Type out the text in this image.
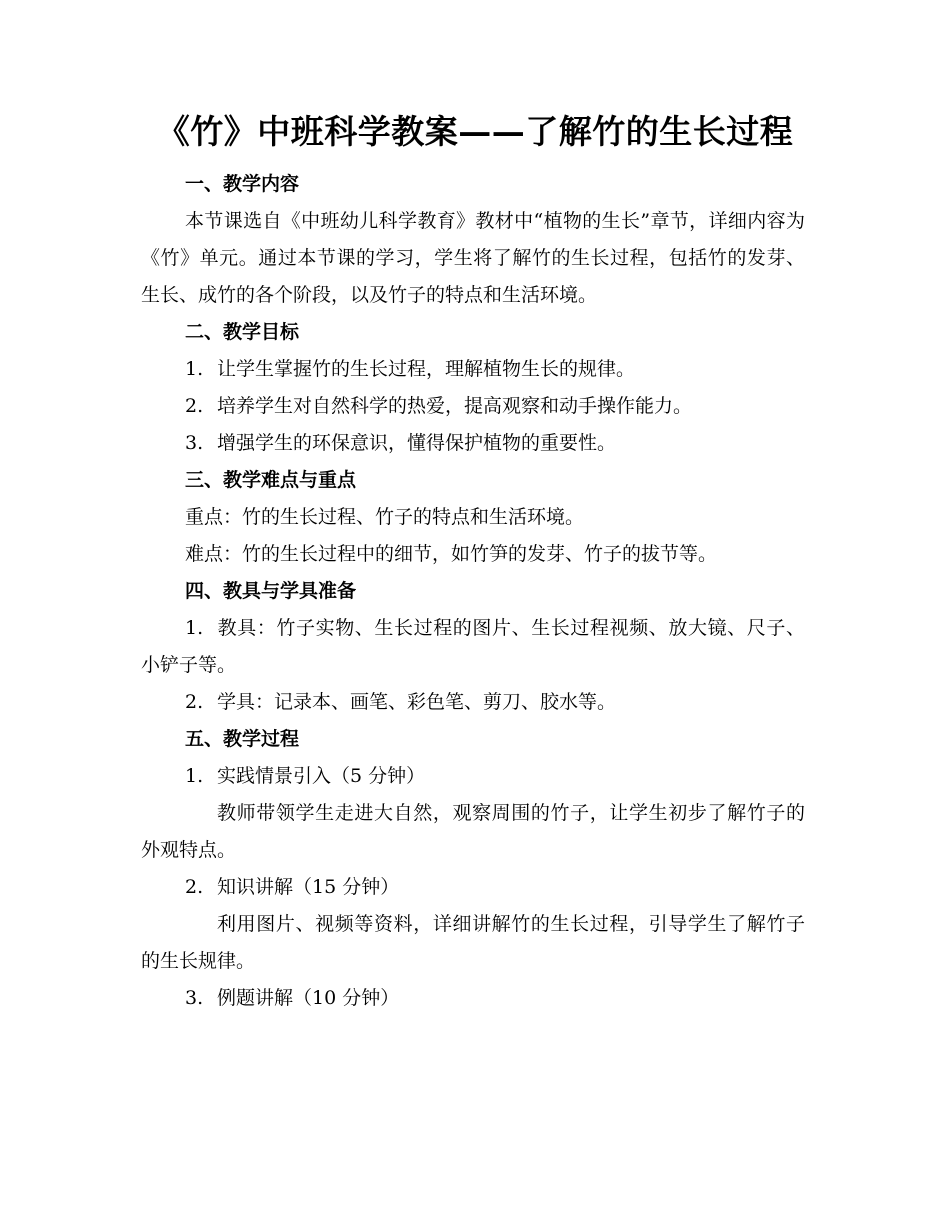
《竹》中班科学教案——了解竹的生长过程

一、教学内容

本节课选自《中班幼儿科学教育》教材中“植物的生长”章节，详细内容为《竹》单元。通过本节课的学习，学生将了解竹的生长过程，包括竹的发芽、生长、成竹的各个阶段，以及竹子的特点和生活环境。

二、教学目标

1. 让学生掌握竹的生长过程，理解植物生长的规律。

2. 培养学生对自然科学的热爱，提高观察和动手操作能力。

3. 增强学生的环保意识，懂得保护植物的重要性。

三、教学难点与重点

重点：竹的生长过程、竹子的特点和生活环境。

难点：竹的生长过程中的细节，如竹笋的发芽、竹子的拔节等。

四、教具与学具准备

1. 教具：竹子实物、生长过程的图片、生长过程视频、放大镜、尺子、小铲子等。

2. 学具：记录本、画笔、彩色笔、剪刀、胶水等。

五、教学过程

1. 实践情景引入（5 分钟）

教师带领学生走进大自然，观察周围的竹子，让学生初步了解竹子的外观特点。

2. 知识讲解（15 分钟）

利用图片、视频等资料，详细讲解竹的生长过程，引导学生了解竹子的生长规律。

3. 例题讲解（10 分钟）
